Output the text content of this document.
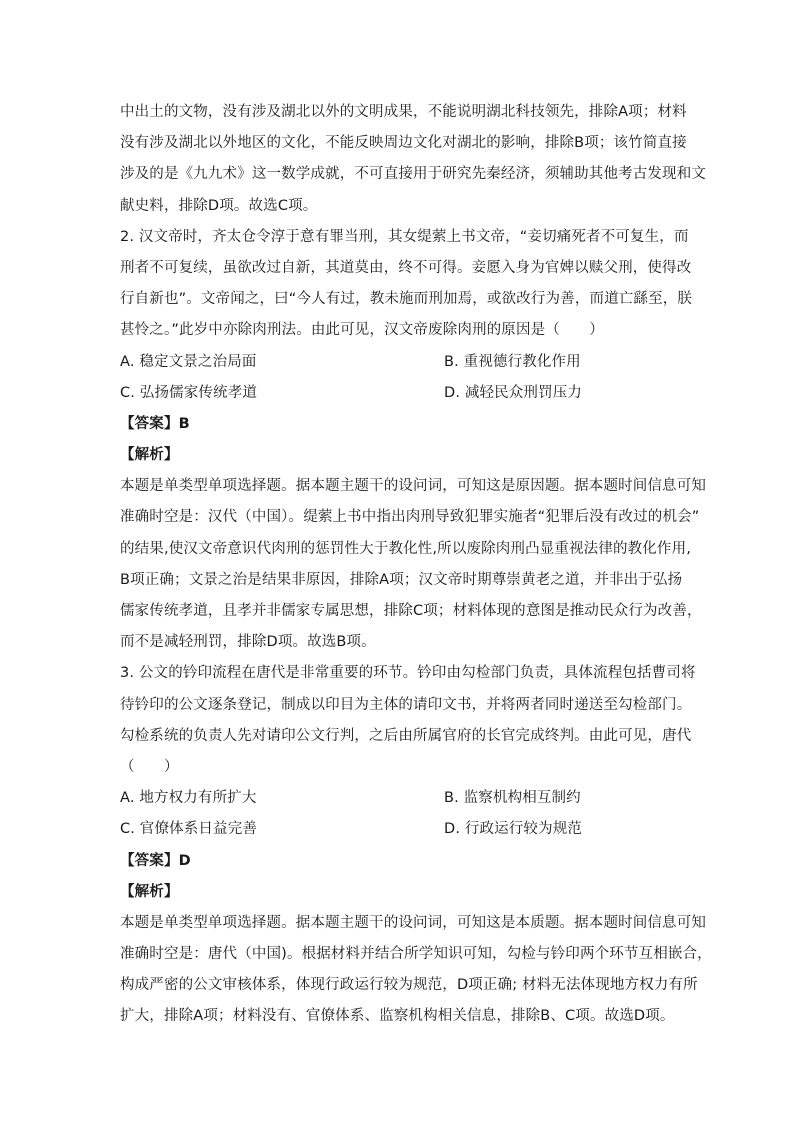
中出土的文物，没有涉及湖北以外的文明成果，不能说明湖北科技领先，排除A项；材料
没有涉及湖北以外地区的文化，不能反映周边文化对湖北的影响，排除B项；该竹简直接
涉及的是《九九术》这一数学成就，不可直接用于研究先秦经济，须辅助其他考古发现和文
献史料，排除D项。故选C项。
2. 汉文帝时，齐太仓令淳于意有罪当刑，其女缇萦上书文帝，“妾切痛死者不可复生，而
刑者不可复续，虽欲改过自新，其道莫由，终不可得。妾愿入身为官婢以赎父刑，使得改
行自新也”。文帝闻之，曰“今人有过，教未施而刑加焉，或欲改行为善，而道亡繇至，朕
甚怜之。”此岁中亦除肉刑法。由此可见，汉文帝废除肉刑的原因是（　　）
A. 稳定文景之治局面	B. 重视德行教化作用
C. 弘扬儒家传统孝道	D. 减轻民众刑罚压力
【答案】B
【解析】
本题是单类型单项选择题。据本题主题干的设问词，可知这是原因题。据本题时间信息可知
准确时空是：汉代（中国）。缇萦上书中指出肉刑导致犯罪实施者“犯罪后没有改过的机会”
的结果,使汉文帝意识代肉刑的惩罚性大于教化性,所以废除肉刑凸显重视法律的教化作用,
B项正确；文景之治是结果非原因，排除A项；汉文帝时期尊崇黄老之道，并非出于弘扬
儒家传统孝道，且孝并非儒家专属思想，排除C项；材料体现的意图是推动民众行为改善，
而不是减轻刑罚，排除D项。故选B项。
3. 公文的钤印流程在唐代是非常重要的环节。钤印由勾检部门负责，具体流程包括曹司将
待钤印的公文逐条登记，制成以印目为主体的请印文书，并将两者同时递送至勾检部门。
勾检系统的负责人先对请印公文行判，之后由所属官府的长官完成终判。由此可见，唐代
（　　）
A. 地方权力有所扩大	B. 监察机构相互制约
C. 官僚体系日益完善	D. 行政运行较为规范
【答案】D
【解析】
本题是单类型单项选择题。据本题主题干的设问词，可知这是本质题。据本题时间信息可知
准确时空是：唐代（中国)。根据材料并结合所学知识可知，勾检与钤印两个环节互相嵌合，
构成严密的公文审核体系，体现行政运行较为规范，D项正确; 材料无法体现地方权力有所
扩大，排除A项；材料没有、官僚体系、监察机构相关信息，排除B、C项。故选D项。
